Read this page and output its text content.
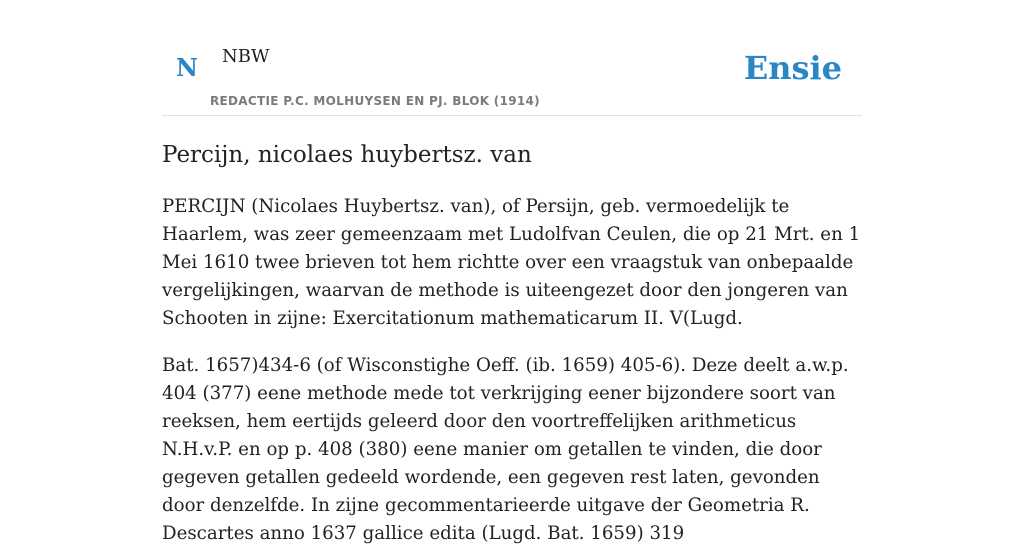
N NBW
REDACTIE P.C. MOLHUYSEN EN PJ. BLOK (1914)
Ensie
Percijn, nicolaes huybertsz. van

PERCIJN (Nicolaes Huybertsz. van), of Persijn, geb. vermoedelijk te Haarlem, was zeer gemeenzaam met Ludolfvan Ceulen, die op 21 Mrt. en 1 Mei 1610 twee brieven tot hem richtte over een vraagstuk van onbepaalde vergelijkingen, waarvan de methode is uiteengezet door den jongeren van Schooten in zijne: Exercitationum mathematicarum II. V(Lugd.

Bat. 1657)434-6 (of Wisconstighe Oeff. (ib. 1659) 405-6). Deze deelt a.w.p. 404 (377) eene methode mede tot verkrijging eener bijzondere soort van reeksen, hem eertijds geleerd door den voortreffelijken arithmeticus N.H.v.P. en op p. 408 (380) eene manier om getallen te vinden, die door gegeven getallen gedeeld wordende, een gegeven rest laten, gevonden door denzelfde. In zijne gecommentarieerde uitgave der Geometria R. Descartes anno 1637 gallice edita (Lugd. Bat. 1659) 319
